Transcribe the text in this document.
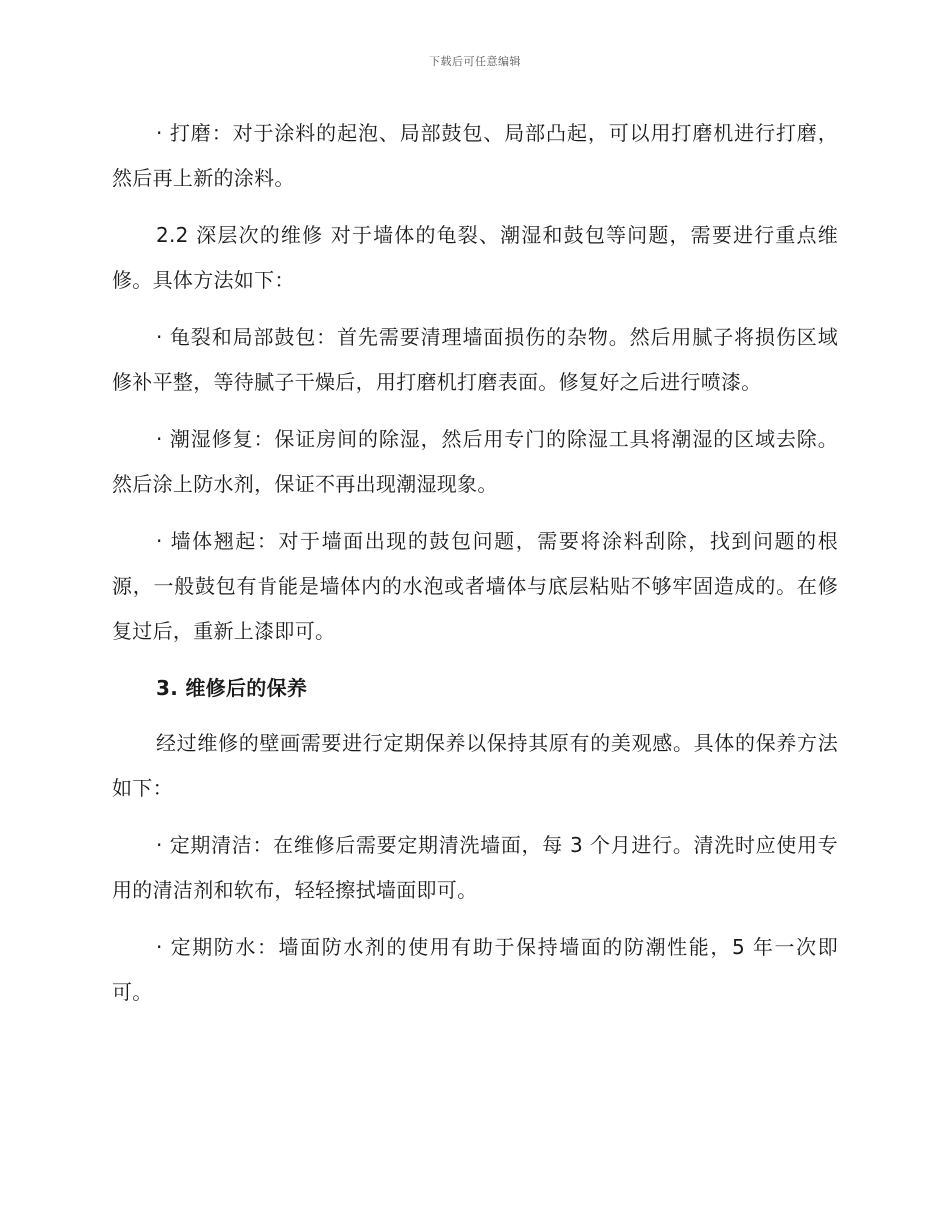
下载后可任意编辑

· 打磨：对于涂料的起泡、局部鼓包、局部凸起，可以用打磨机进行打磨，然后再上新的涂料。

2.2 深层次的维修 对于墙体的龟裂、潮湿和鼓包等问题，需要进行重点维修。具体方法如下：

· 龟裂和局部鼓包：首先需要清理墙面损伤的杂物。然后用腻子将损伤区域修补平整，等待腻子干燥后，用打磨机打磨表面。修复好之后进行喷漆。

· 潮湿修复：保证房间的除湿，然后用专门的除湿工具将潮湿的区域去除。然后涂上防水剂，保证不再出现潮湿现象。

· 墙体翘起：对于墙面出现的鼓包问题，需要将涂料刮除，找到问题的根源，一般鼓包有肯能是墙体内的水泡或者墙体与底层粘贴不够牢固造成的。在修复过后，重新上漆即可。

3. 维修后的保养

经过维修的壁画需要进行定期保养以保持其原有的美观感。具体的保养方法如下：

· 定期清洁：在维修后需要定期清洗墙面，每 3 个月进行。清洗时应使用专用的清洁剂和软布，轻轻擦拭墙面即可。

· 定期防水：墙面防水剂的使用有助于保持墙面的防潮性能，5 年一次即可。
